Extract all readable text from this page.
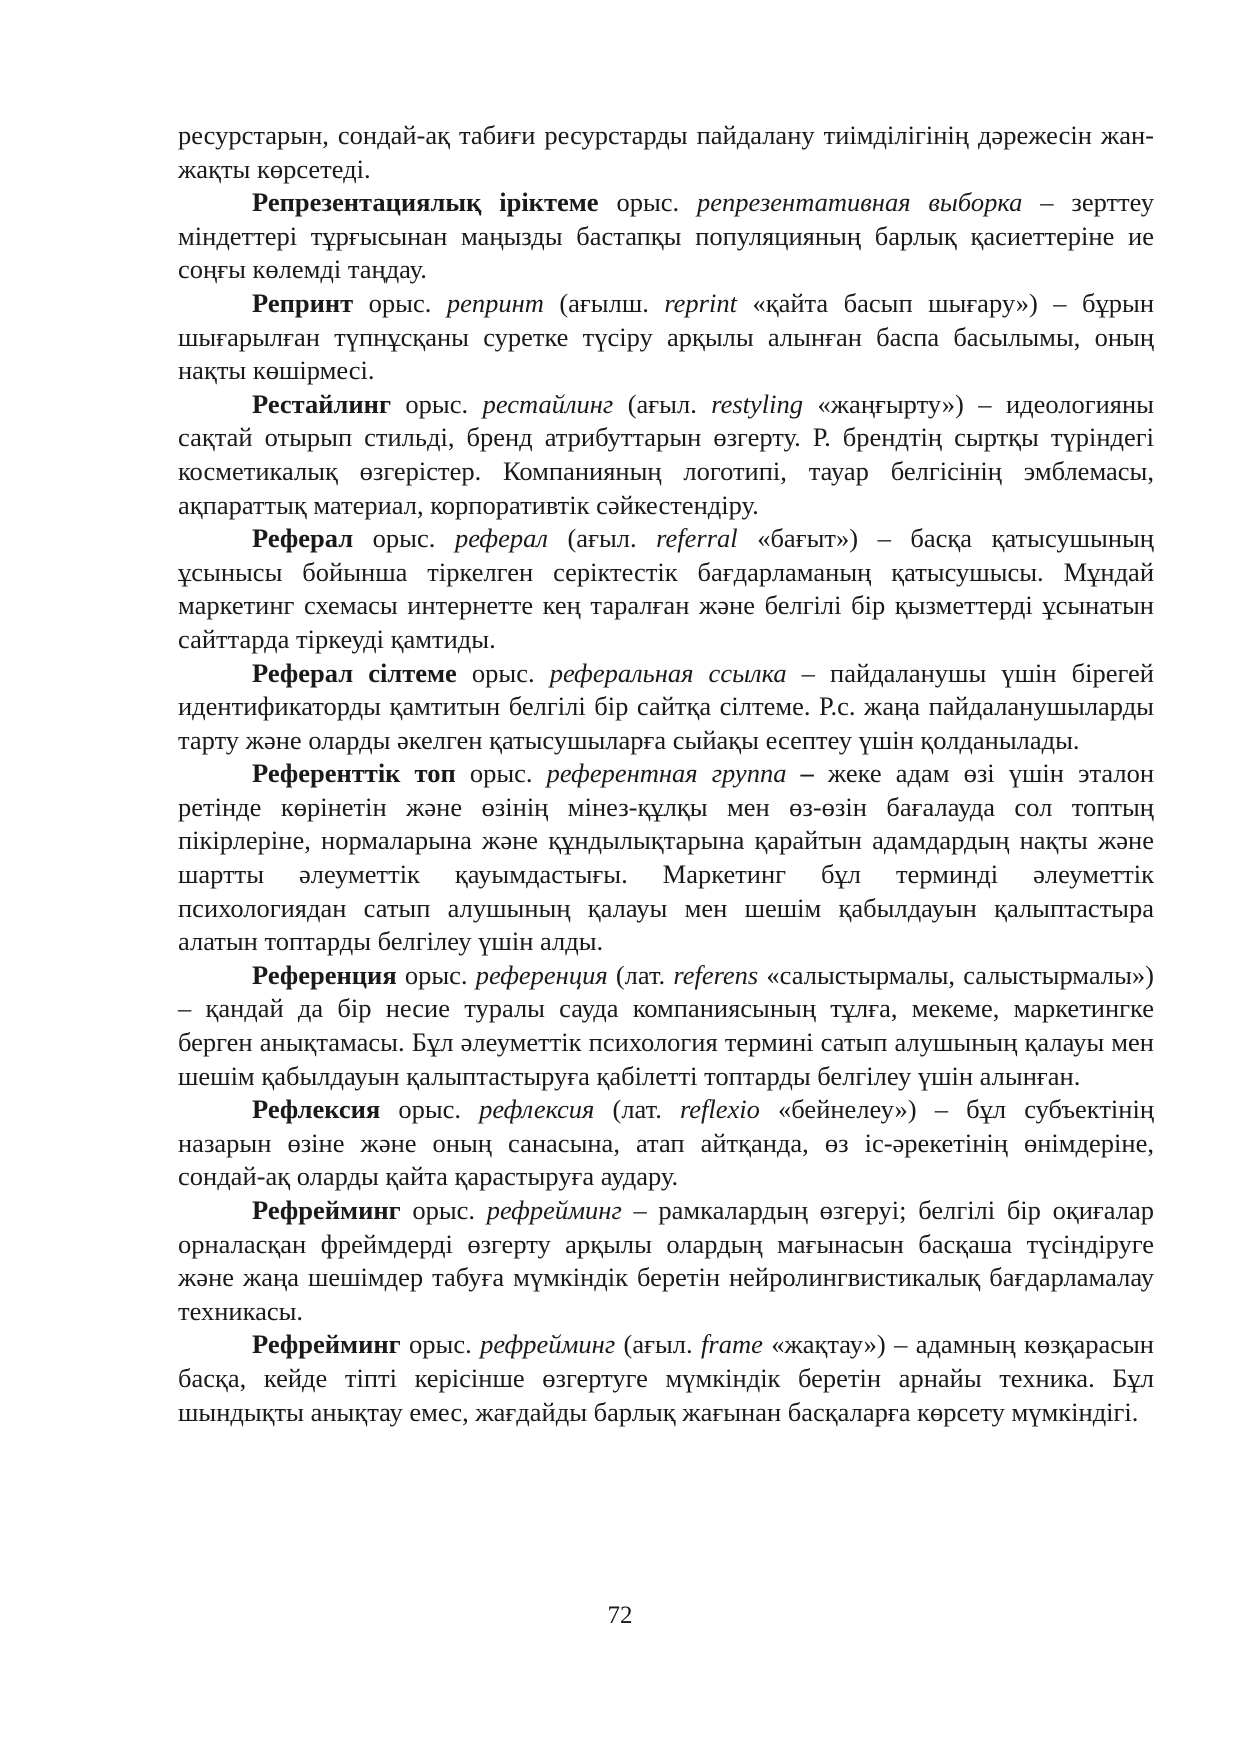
ресурстарын, сондай-ақ табиғи ресурстарды пайдалану тиімділігінің дәрежесін жан-жақты көрсетеді.

Репрезентациялық іріктеме орыс. репрезентативная выборка – зерттеу міндеттері тұрғысынан маңызды бастапқы популяцияның барлық қасиеттеріне ие соңғы көлемді таңдау.

Репринт орыс. репринт (ағылш. reprint «қайта басып шығару») – бұрын шығарылған түпнұсқаны суретке түсіру арқылы алынған баспа басылымы, оның нақты көшірмесі.

Рестайлинг орыс. рестайлинг (ағыл. restyling «жаңғырту») – идеологияны сақтай отырып стильді, бренд атрибуттарын өзгерту. Р. брендтің сыртқы түріндегі косметикалық өзгерістер. Компанияның логотипі, тауар белгісінің эмблемасы, ақпараттық материал, корпоративтік сәйкестендіру.

Реферал орыс. реферал (ағыл. referral «бағыт») – басқа қатысушының ұсынысы бойынша тіркелген серіктестік бағдарламаның қатысушысы. Мұндай маркетинг схемасы интернетте кең таралған және белгілі бір қызметтерді ұсынатын сайттарда тіркеуді қамтиды.

Реферал сілтеме орыс. реферальная ссылка – пайдаланушы үшін бірегей идентификаторды қамтитын белгілі бір сайтқа сілтеме. Р.с. жаңа пайдаланушыларды тарту және оларды әкелген қатысушыларға сыйақы есептеу үшін қолданылады.

Референттік топ орыс. референтная группа – жеке адам өзі үшін эталон ретінде көрінетін және өзінің мінез-құлқы мен өз-өзін бағалауда сол топтың пікірлеріне, нормаларына және құндылықтарына қарайтын адамдардың нақты және шартты әлеуметтік қауымдастығы. Маркетинг бұл терминді әлеуметтік психологиядан сатып алушының қалауы мен шешім қабылдауын қалыптастыра алатын топтарды белгілеу үшін алды.

Референция орыс. референция (лат. referens «салыстырмалы, салыстырмалы») – қандай да бір несие туралы сауда компаниясының тұлға, мекеме, маркетингке берген анықтамасы. Бұл әлеуметтік психология термині сатып алушының қалауы мен шешім қабылдауын қалыптастыруға қабілетті топтарды белгілеу үшін алынған.

Рефлексия орыс. рефлексия (лат. reflexio «бейнелеу») – бұл субъектінің назарын өзіне және оның санасына, атап айтқанда, өз іс-әрекетінің өнімдеріне, сондай-ақ оларды қайта қарастыруға аудару.

Рефрейминг орыс. рефрейминг – рамкалардың өзгеруі; белгілі бір оқиғалар орналасқан фреймдерді өзгерту арқылы олардың мағынасын басқаша түсіндіруге және жаңа шешімдер табуға мүмкіндік беретін нейролингвистикалық бағдарламалау техникасы.

Рефрейминг орыс. рефрейминг (ағыл. frame «жақтау») – адамның көзқарасын басқа, кейде тіпті керісінше өзгертуге мүмкіндік беретін арнайы техника. Бұл шындықты анықтау емес, жағдайды барлық жағынан басқаларға көрсету мүмкіндігі.

72
